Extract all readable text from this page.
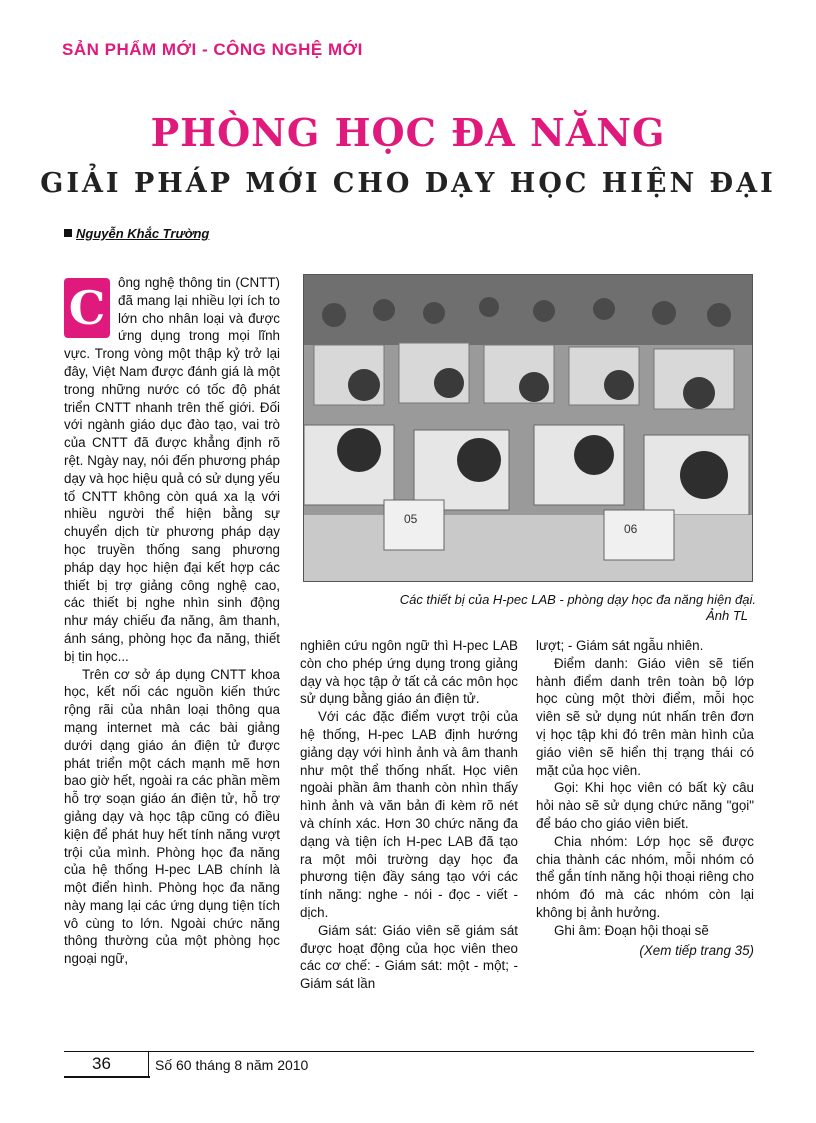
SẢN PHẨM MỚI - CÔNG NGHỆ MỚI
PHÒNG HỌC ĐA NĂNG
GIẢI PHÁP MỚI CHO DẠY HỌC HIỆN ĐẠI
Nguyễn Khắc Trường
C ông nghệ thông tin (CNTT) đã mang lại nhiều lợi ích to lớn cho nhân loại và được ứng dụng trong mọi lĩnh vực. Trong vòng một thập kỷ trở lại đây, Việt Nam được đánh giá là một trong những nước có tốc độ phát triển CNTT nhanh trên thế giới. Đối với ngành giáo dục đào tạo, vai trò của CNTT đã được khẳng định rõ rệt. Ngày nay, nói đến phương pháp dạy và học hiệu quả có sử dụng yếu tố CNTT không còn quá xa lạ với nhiều người thể hiện bằng sự chuyển dịch từ phương pháp dạy học truyền thống sang phương pháp dạy học hiện đại kết hợp các thiết bị trợ giảng công nghệ cao, các thiết bị nghe nhìn sinh động như máy chiếu đa năng, âm thanh, ánh sáng, phòng học đa năng, thiết bị tin học...

Trên cơ sở áp dụng CNTT khoa học, kết nối các nguồn kiến thức rộng rãi của nhân loại thông qua mạng internet mà các bài giảng dưới dạng giáo án điện tử được phát triển một cách mạnh mẽ hơn bao giờ hết, ngoài ra các phần mềm hỗ trợ soạn giáo án điện tử, hỗ trợ giảng dạy và học tập cũng có điều kiện để phát huy hết tính năng vượt trội của mình. Phòng học đa năng của hệ thống H-pec LAB chính là một điển hình. Phòng học đa năng này mang lại các ứng dụng tiện tích vô cùng to lớn. Ngoài chức năng thông thường của một phòng học ngoại ngữ,

05
06
Các thiết bị của H-pec LAB - phòng dạy học đa năng hiện đại.
Ảnh TL

nghiên cứu ngôn ngữ thì H-pec LAB còn cho phép ứng dụng trong giảng dạy và học tập ở tất cả các môn học sử dụng bằng giáo án điện tử.

Với các đặc điểm vượt trội của hệ thống, H-pec LAB định hướng giảng dạy với hình ảnh và âm thanh như một thể thống nhất. Học viên ngoài phần âm thanh còn nhìn thấy hình ảnh và văn bản đi kèm rõ nét và chính xác. Hơn 30 chức năng đa dạng và tiện ích H-pec LAB đã tạo ra một môi trường dạy học đa phương tiện đầy sáng tạo với các tính năng: nghe - nói - đọc - viết - dịch.

Giám sát: Giáo viên sẽ giám sát được hoạt động của học viên theo các cơ chế: - Giám sát: một - một; - Giám sát lần

lượt; - Giám sát ngẫu nhiên.

Điểm danh: Giáo viên sẽ tiến hành điểm danh trên toàn bộ lớp học cùng một thời điểm, mỗi học viên sẽ sử dụng nút nhấn trên đơn vị học tập khi đó trên màn hình của giáo viên sẽ hiển thị trạng thái có mặt của học viên.

Gọi: Khi học viên có bất kỳ câu hỏi nào sẽ sử dụng chức năng "gọi" để báo cho giáo viên biết.

Chia nhóm: Lớp học sẽ được chia thành các nhóm, mỗi nhóm có thể gắn tính năng hội thoại riêng cho nhóm đó mà các nhóm còn lại không bị ảnh hưởng.

Ghi âm: Đoạn hội thoại sẽ

(Xem tiếp trang 35)
36	Số 60 tháng 8 năm 2010
